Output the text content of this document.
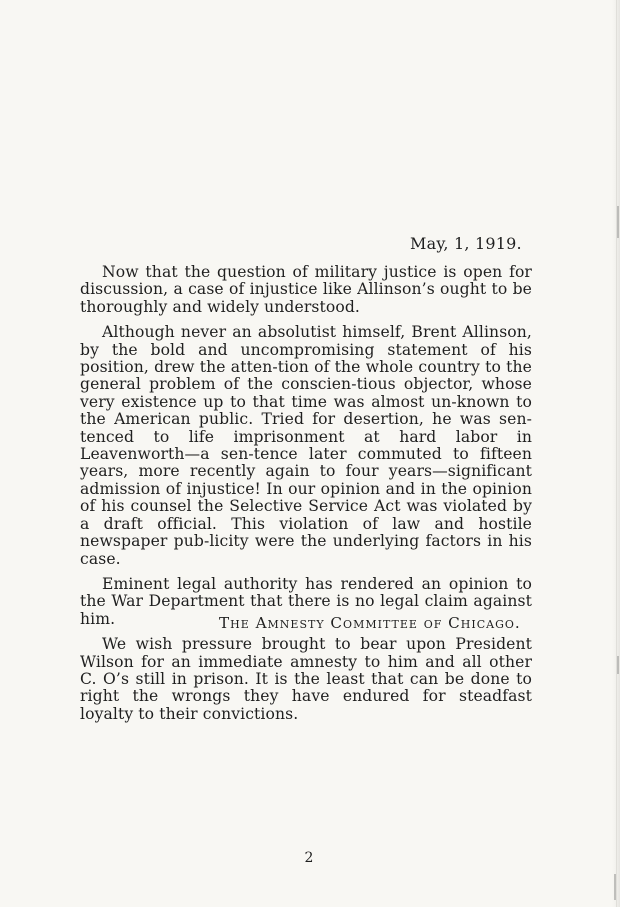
May, 1, 1919.

Now that the question of military justice is open for discussion, a case of injustice like Allinson’s ought to be thoroughly and widely understood.

Although never an absolutist himself, Brent Allinson, by the bold and uncompromising statement of his position, drew the atten-tion of the whole country to the general problem of the conscien-tious objector, whose very existence up to that time was almost un-known to the American public. Tried for desertion, he was sen-tenced to life imprisonment at hard labor in Leavenworth—a sen-tence later commuted to fifteen years, more recently again to four years—significant admission of injustice! In our opinion and in the opinion of his counsel the Selective Service Act was violated by a draft official. This violation of law and hostile newspaper pub-licity were the underlying factors in his case.

Eminent legal authority has rendered an opinion to the War Department that there is no legal claim against him.

We wish pressure brought to bear upon President Wilson for an immediate amnesty to him and all other C. O’s still in prison. It is the least that can be done to right the wrongs they have endured for steadfast loyalty to their convictions.

The Amnesty Committee of Chicago.
2
